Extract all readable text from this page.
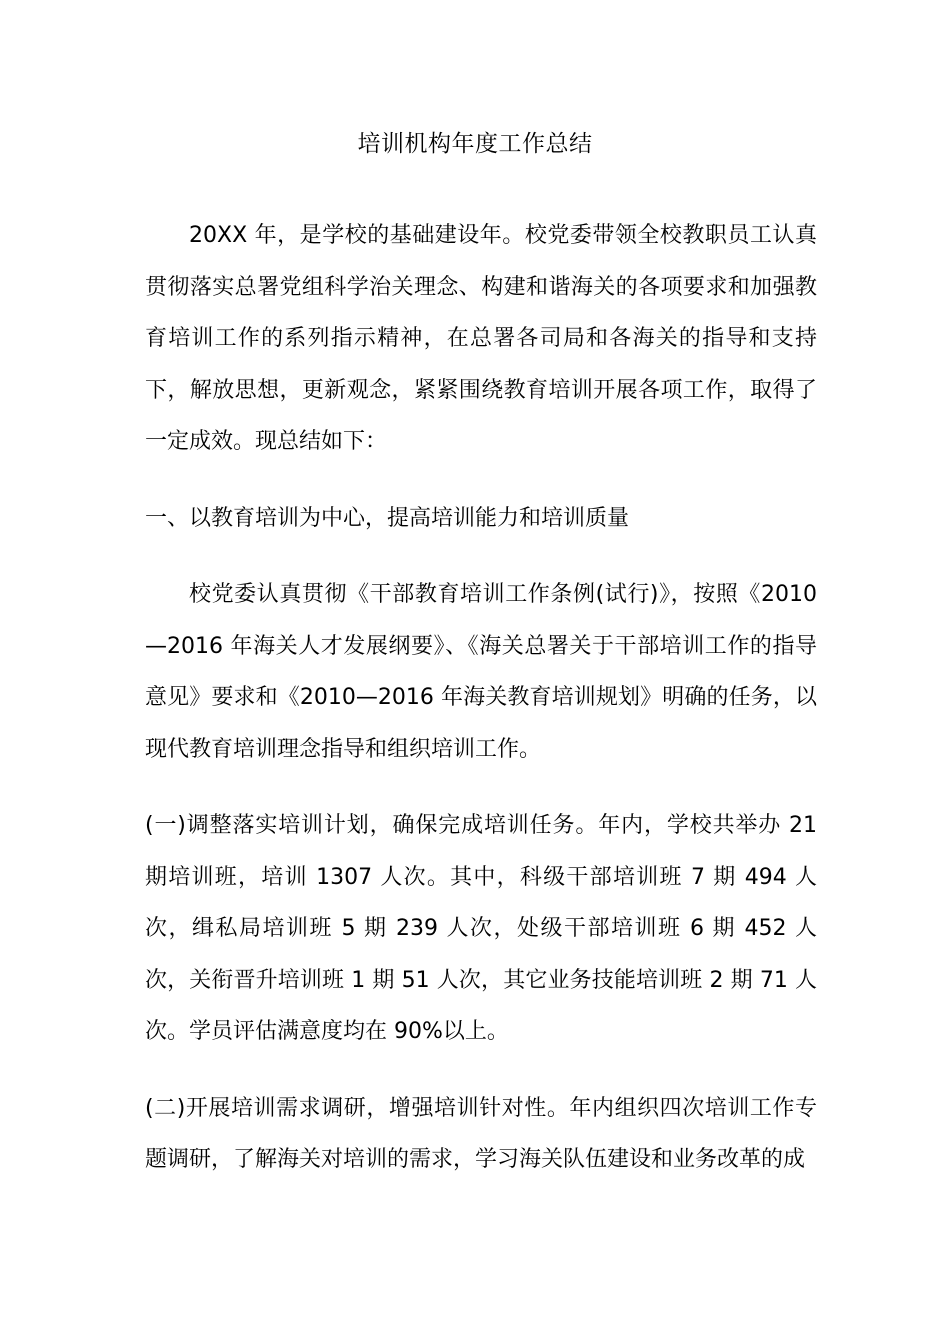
培训机构年度工作总结

20XX 年，是学校的基础建设年。校党委带领全校教职员工认真贯彻落实总署党组科学治关理念、构建和谐海关的各项要求和加强教育培训工作的系列指示精神，在总署各司局和各海关的指导和支持下，解放思想，更新观念，紧紧围绕教育培训开展各项工作，取得了一定成效。现总结如下：

一、以教育培训为中心，提高培训能力和培训质量

校党委认真贯彻《干部教育培训工作条例(试行)》，按照《2010—2016 年海关人才发展纲要》、《海关总署关于干部培训工作的指导意见》要求和《2010—2016 年海关教育培训规划》明确的任务，以现代教育培训理念指导和组织培训工作。

(一)调整落实培训计划，确保完成培训任务。年内，学校共举办 21 期培训班，培训 1307 人次。其中，科级干部培训班 7 期 494 人次，缉私局培训班 5 期 239 人次，处级干部培训班 6 期 452 人次，关衔晋升培训班 1 期 51 人次，其它业务技能培训班 2 期 71 人次。学员评估满意度均在 90%以上。

(二)开展培训需求调研，增强培训针对性。年内组织四次培训工作专题调研，了解海关对培训的需求，学习海关队伍建设和业务改革的成
